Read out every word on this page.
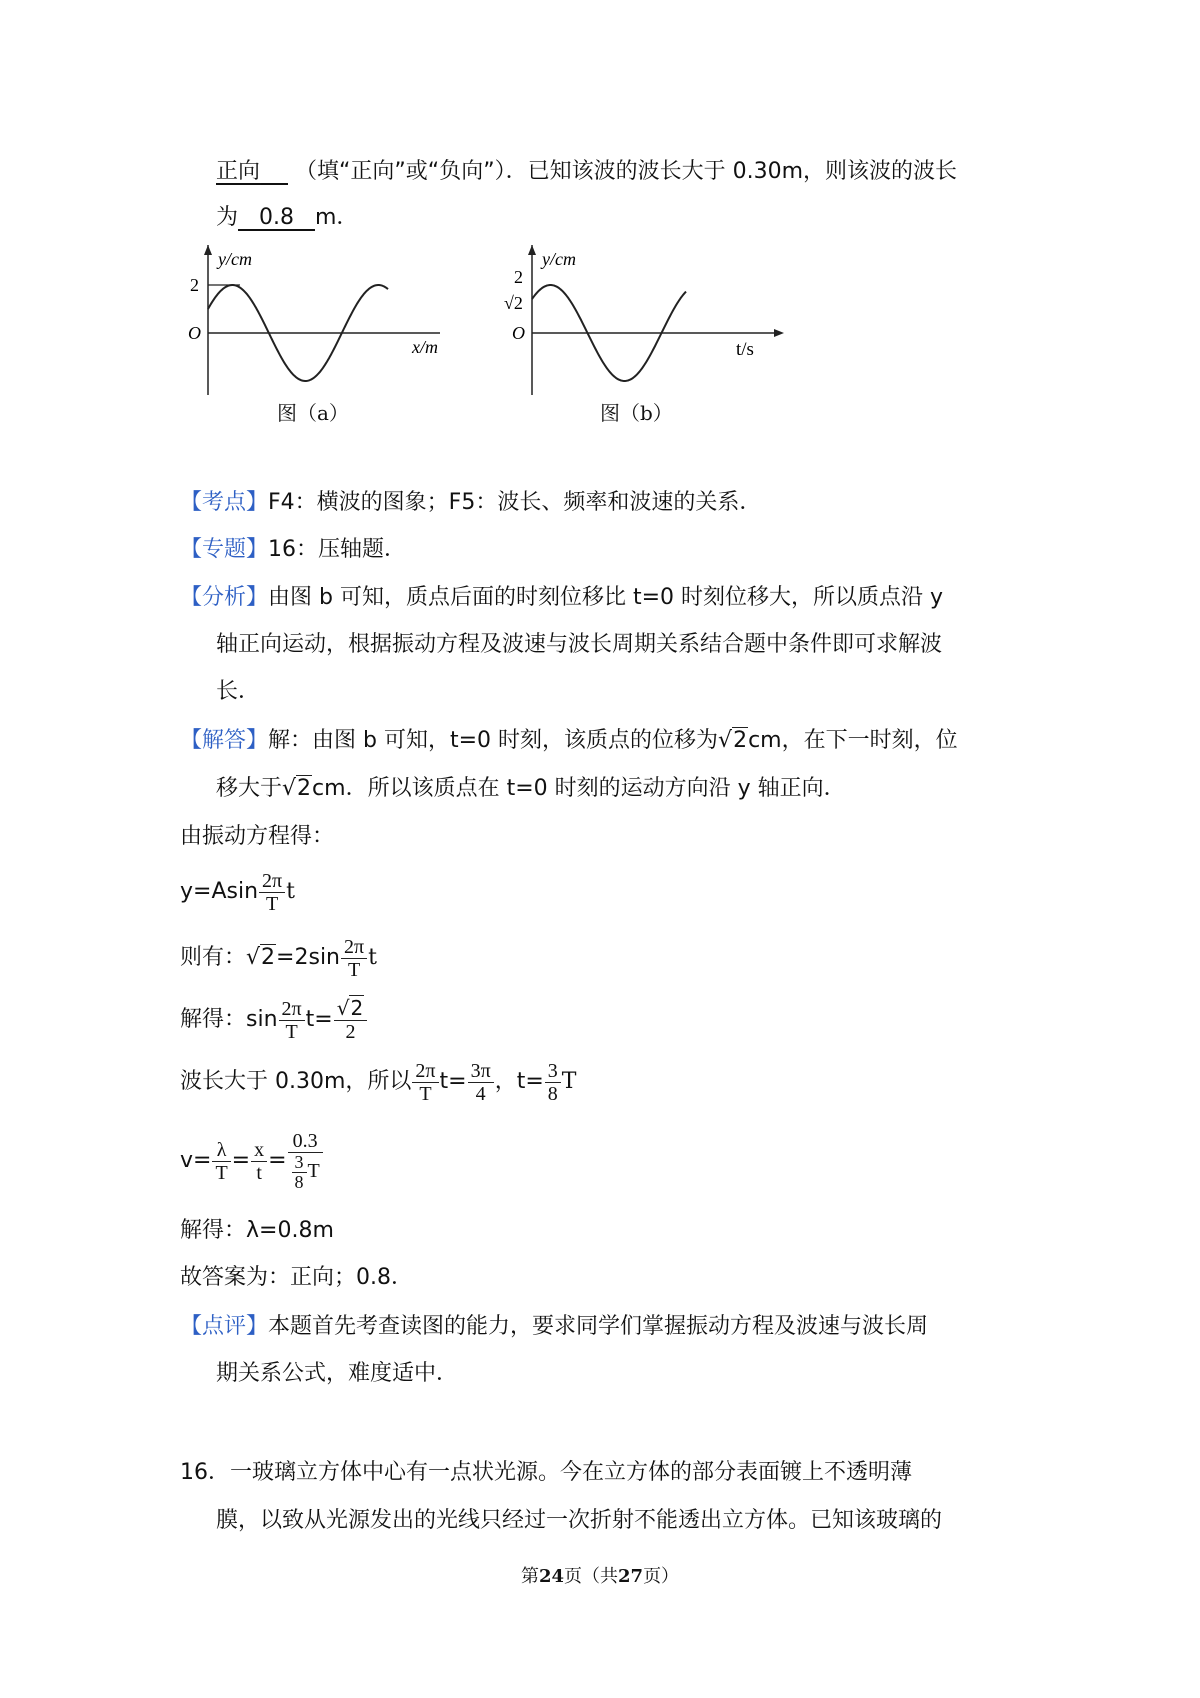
正向 （填“正向”或“负向”）．已知该波的波长大于 0.30m，则该波的波长
为 0.8 m．
y/cm
2
O
x/m
图（a）
y/cm
2
√2
O
t/s
图（b）
【考点】F4：横波的图象；F5：波长、频率和波速的关系．
【专题】16：压轴题．
【分析】由图 b 可知，质点后面的时刻位移比 t=0 时刻位移大，所以质点沿 y
轴正向运动，根据振动方程及波速与波长周期关系结合题中条件即可求解波
长．
【解答】解：由图 b 可知，t=0 时刻，该质点的位移为√2cm，在下一时刻，位
移大于√2cm．所以该质点在 t=0 时刻的运动方向沿 y 轴正向．
由振动方程得：
$y=Asin \frac{2\pi}{T}$ t
则有：$√2=2\sin \frac{2\pi}{T}$ t
解得：$\sin \frac{2\pi}{T} t= \frac{√2}{2}$
波长大于 0.30m，所以 $\frac{2\pi}{T} t= \frac{3\pi}{4}$ ，$t= \frac{3}{8}$ T
$v= \frac{\lambda}{T} = \frac{x}{t} = \frac{0.3}{\frac{3}{8} T}$
解得：λ=0.8m
故答案为：正向；0.8．
【点评】本题首先考查读图的能力，要求同学们掌握振动方程及波速与波长周
期关系公式，难度适中．
16．一玻璃立方体中心有一点状光源。今在立方体的部分表面镀上不透明薄
膜，以致从光源发出的光线只经过一次折射不能透出立方体。已知该玻璃的
第24页（共27页）
